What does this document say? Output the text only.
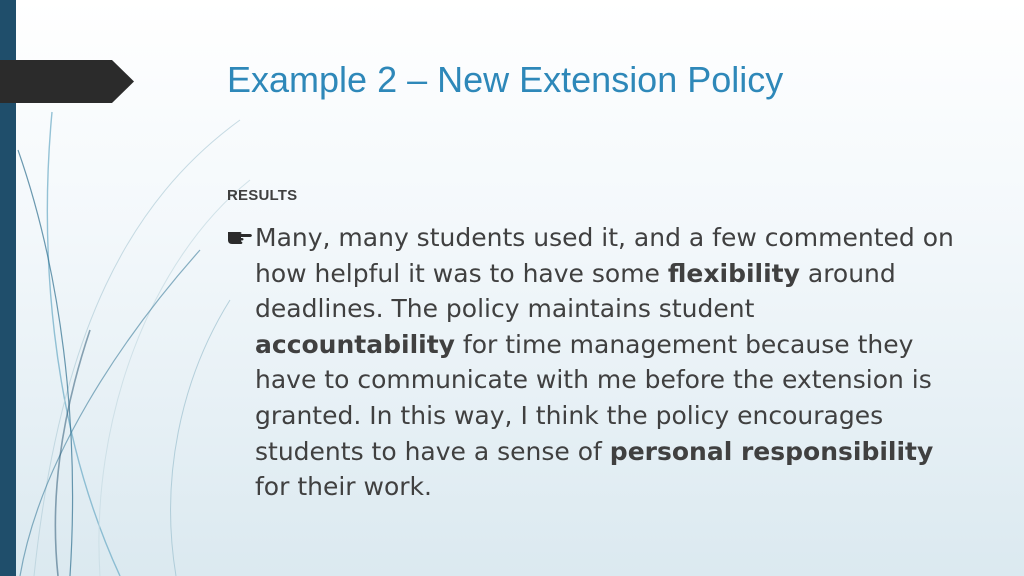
Example 2 – New Extension Policy
RESULTS

Many, many students used it, and a few commented on how helpful it was to have some flexibility around deadlines. The policy maintains student accountability for time management because they have to communicate with me before the extension is granted. In this way, I think the policy encourages students to have a sense of personal responsibility for their work.
